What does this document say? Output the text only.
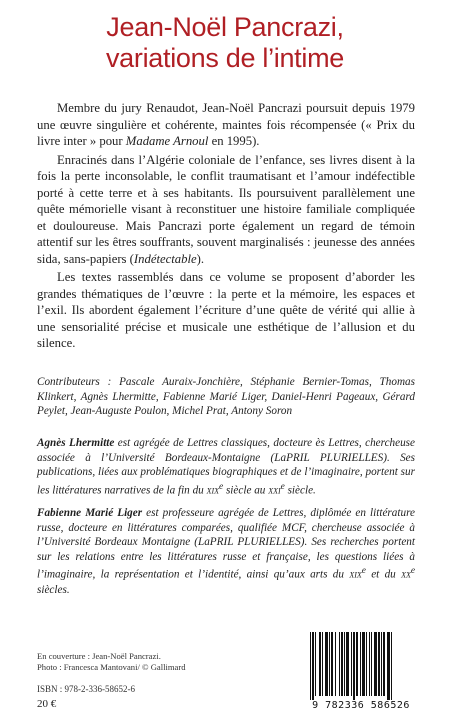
Jean-Noël Pancrazi,
variations de l’intime

Membre du jury Renaudot, Jean-Noël Pancrazi poursuit depuis 1979 une œuvre singulière et cohérente, maintes fois récompensée (« Prix du livre inter » pour Madame Arnoul en 1995).

Enracinés dans l’Algérie coloniale de l’enfance, ses livres disent à la fois la perte inconsolable, le conflit traumatisant et l’amour indéfectible porté à cette terre et à ses habitants. Ils poursuivent parallèlement une quête mémorielle visant à reconstituer une histoire familiale compliquée et douloureuse. Mais Pancrazi porte également un regard de témoin attentif sur les êtres souffrants, souvent marginalisés : jeunesse des années sida, sans-papiers (Indétectable).

Les textes rassemblés dans ce volume se proposent d’aborder les grandes thématiques de l’œuvre : la perte et la mémoire, les espaces et l’exil. Ils abordent également l’écriture d’une quête de vérité qui allie à une sensorialité précise et musicale une esthétique de l’allusion et du silence.

Contributeurs : Pascale Auraix-Jonchière, Stéphanie Bernier-Tomas, Thomas Klinkert, Agnès Lhermitte, Fabienne Marié Liger, Daniel-Henri Pageaux, Gérard Peylet, Jean-Auguste Poulon, Michel Prat, Antony Soron

Agnès Lhermitte est agrégée de Lettres classiques, docteure ès Lettres, chercheuse associée à l’Université Bordeaux-Montaigne (LaPRIL PLURIELLES). Ses publications, liées aux problématiques biographiques et de l’imaginaire, portent sur les littératures narratives de la fin du xix$^e$ siècle au xxi$^e$ siècle.

Fabienne Marié Liger est professeure agrégée de Lettres, diplômée en littérature russe, docteure en littératures comparées, qualifiée MCF, chercheuse associée à l’Université Bordeaux Montaigne (LaPRIL PLURIELLES). Ses recherches portent sur les relations entre les littératures russe et française, les questions liées à l’imaginaire, la représentation et l’identité, ainsi qu’aux arts du xix$^e$ et du $xx^e$ siècles.

En couverture : Jean-Noël Pancrazi.
Photo : Francesca Mantovani/ © Gallimard
ISBN : 978-2-336-58652-6
20 €	9 782336 586526
